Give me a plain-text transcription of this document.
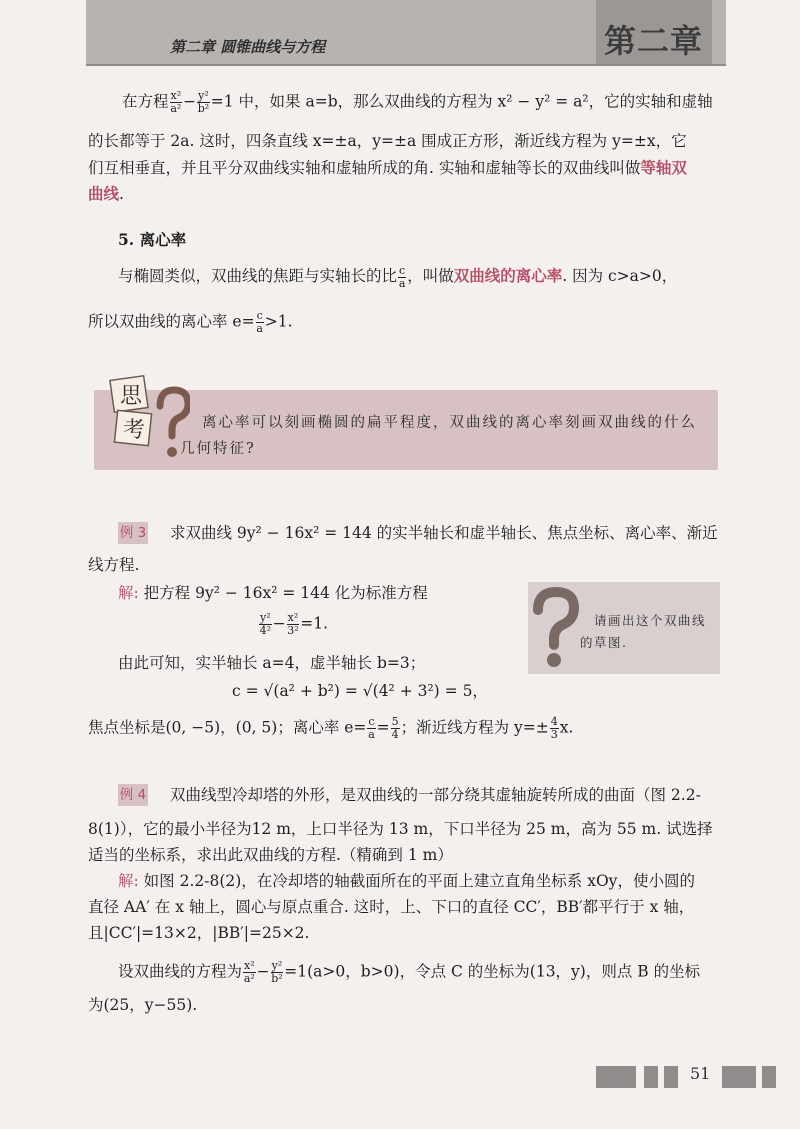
第二章 圆锥曲线与方程	第二章
在方程 $\frac{\text{x²}}{\text{a²}} - \frac{\text{y²}}{\text{b²}} =1$ 中，如果 a=b，那么双曲线的方程为 x² − y² = a²，它的实轴和虚轴
的长都等于 2a. 这时，四条直线 x=±a，y=±a 围成正方形，渐近线方程为 y=±x，它
们互相垂直，并且平分双曲线实轴和虚轴所成的角. 实轴和虚轴等长的双曲线叫做等轴双
曲线.
5. 离心率
与椭圆类似，双曲线的焦距与实轴长的比 $\frac{c}{a}$ ，叫做双曲线的离心率. 因为 c>a>0，
所以双曲线的离心率 $e= \frac{c}{a} >1$.
思
考	离心率可以刻画椭圆的扁平程度，双曲线的离心率刻画双曲线的什么
几何特征?
例 3 求双曲线 9y² − 16x² = 144 的实半轴长和虚半轴长、焦点坐标、离心率、渐近
线方程.
解: 把方程 9y² − 16x² = 144 化为标准方程
$\frac{\text{y²}}{\text{4²}} - \frac{\text{x²}}{\text{3²}} =1$.
由此可知，实半轴长 a=4，虚半轴长 b=3；
c = √(a² + b²) = √(4² + 3²) = 5，
焦点坐标是(0, −5)，(0, 5)；离心率 $e= \frac{c}{a} = \frac{5}{4}$ ；渐近线方程为 $y=\pm \frac{4}{3} x$.
请画出这个双曲线
的草图.
例 4 双曲线型冷却塔的外形，是双曲线的一部分绕其虚轴旋转所成的曲面（图 2.2-
8(1)），它的最小半径为12 m，上口半径为 13 m，下口半径为 25 m，高为 55 m. 试选择
适当的坐标系，求出此双曲线的方程.（精确到 1 m）
解: 如图 2.2-8(2)，在冷却塔的轴截面所在的平面上建立直角坐标系 xOy，使小圆的
直径 AA′ 在 x 轴上，圆心与原点重合. 这时，上、下口的直径 CC′，BB′都平行于 x 轴，
且|CC′|=13×2，|BB′|=25×2.
设双曲线的方程为 $\frac{\text{x²}}{\text{a²}} - \frac{\text{y²}}{\text{b²}} =1(a>0$，b>0)，令点 C 的坐标为(13，y)，则点 B 的坐标
为(25，y−55).
51
